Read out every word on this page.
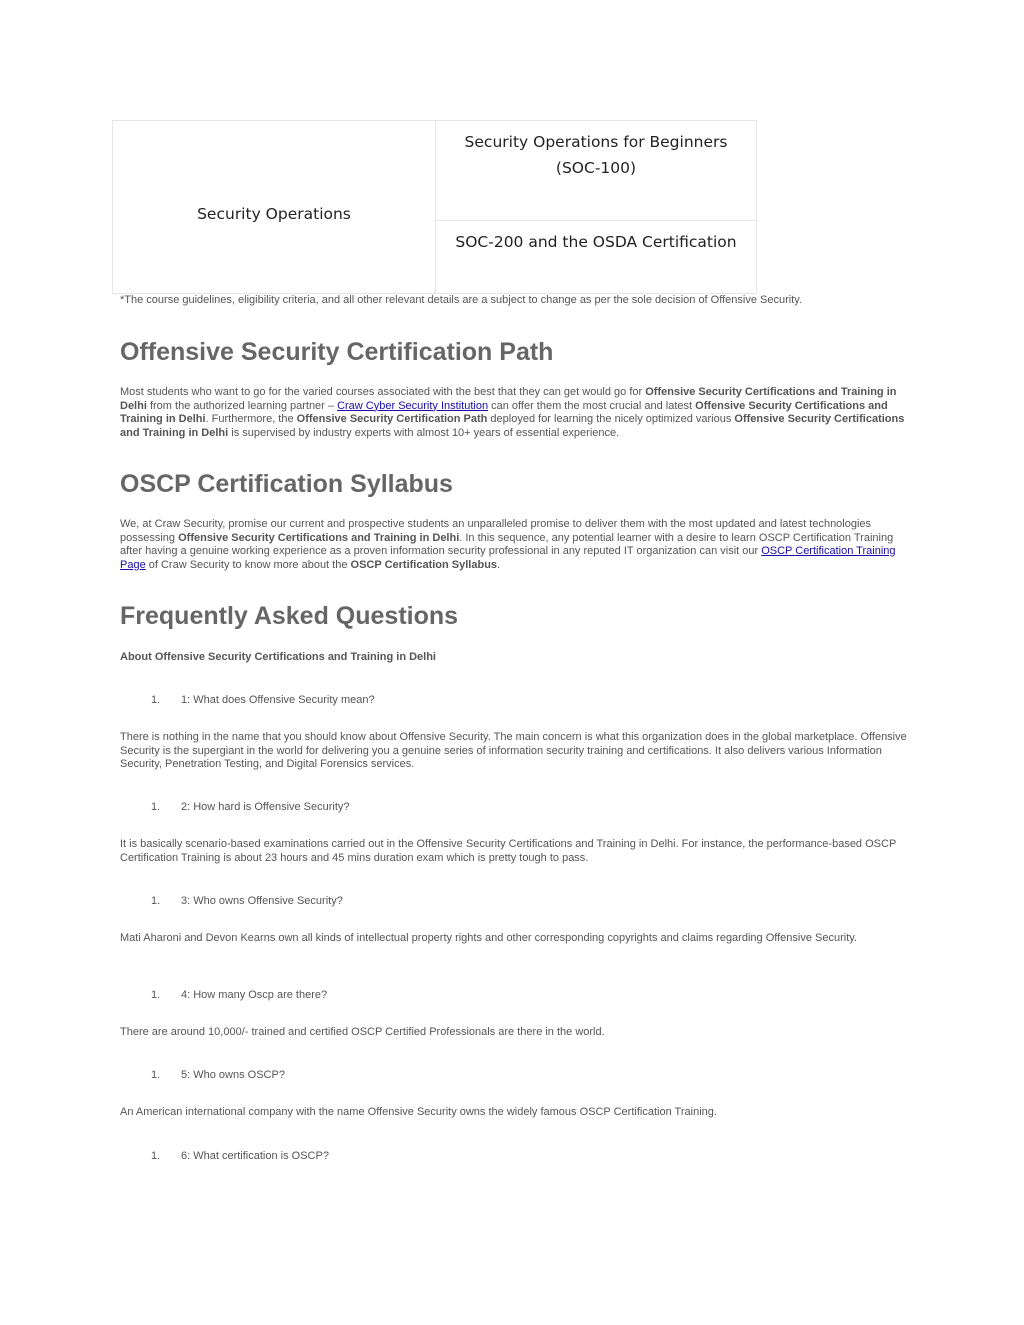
Security Operations
Security Operations for Beginners (SOC-100)
SOC-200 and the OSDA Certification

*The course guidelines, eligibility criteria, and all other relevant details are a subject to change as per the sole decision of Offensive Security.

Offensive Security Certification Path

Most students who want to go for the varied courses associated with the best that they can get would go for Offensive Security Certifications and Training in Delhi from the authorized learning partner – Craw Cyber Security Institution can offer them the most crucial and latest Offensive Security Certifications and Training in Delhi. Furthermore, the Offensive Security Certification Path deployed for learning the nicely optimized various Offensive Security Certifications and Training in Delhi is supervised by industry experts with almost 10+ years of essential experience.

OSCP Certification Syllabus

We, at Craw Security, promise our current and prospective students an unparalleled promise to deliver them with the most updated and latest technologies possessing Offensive Security Certifications and Training in Delhi. In this sequence, any potential learner with a desire to learn OSCP Certification Training after having a genuine working experience as a proven information security professional in any reputed IT organization can visit our OSCP Certification Training Page of Craw Security to know more about the OSCP Certification Syllabus.

Frequently Asked Questions

About Offensive Security Certifications and Training in Delhi

1. 1: What does Offensive Security mean?

There is nothing in the name that you should know about Offensive Security. The main concern is what this organization does in the global marketplace. Offensive Security is the supergiant in the world for delivering you a genuine series of information security training and certifications. It also delivers various Information Security, Penetration Testing, and Digital Forensics services.

1. 2: How hard is Offensive Security?

It is basically scenario-based examinations carried out in the Offensive Security Certifications and Training in Delhi. For instance, the performance-based OSCP Certification Training is about 23 hours and 45 mins duration exam which is pretty tough to pass.

1. 3: Who owns Offensive Security?

Mati Aharoni and Devon Kearns own all kinds of intellectual property rights and other corresponding copyrights and claims regarding Offensive Security.

1. 4: How many Oscp are there?

There are around 10,000/- trained and certified OSCP Certified Professionals are there in the world.

1. 5: Who owns OSCP?

An American international company with the name Offensive Security owns the widely famous OSCP Certification Training.

1. 6: What certification is OSCP?
